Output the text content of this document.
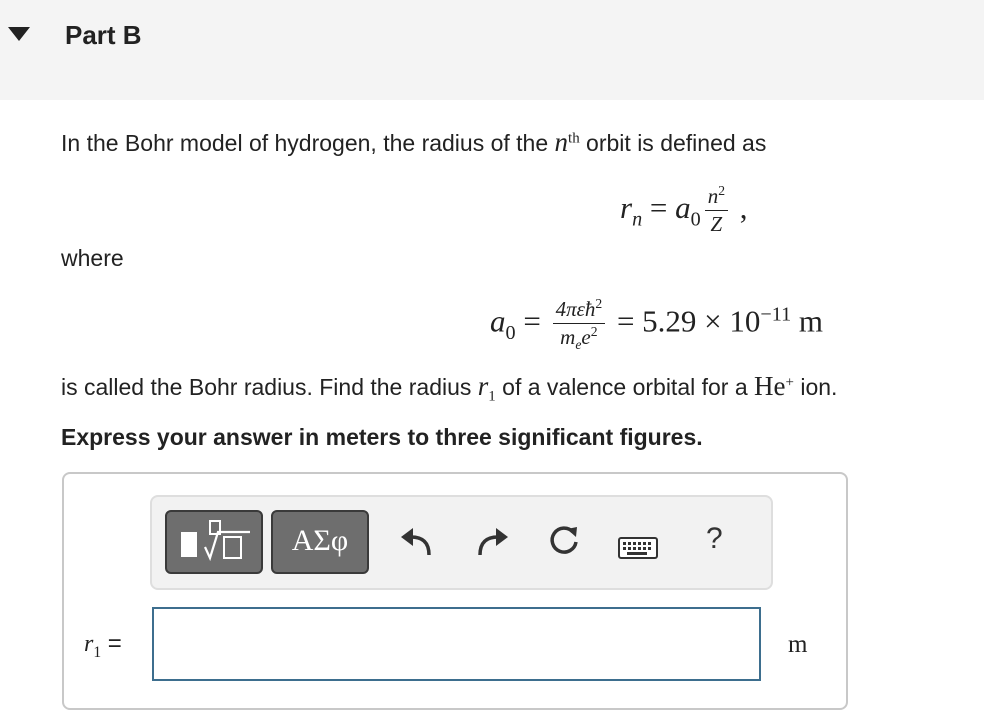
Part B
In the Bohr model of hydrogen, the radius of the $n^{th}$ orbit is defined as
$r_n = a_0 \frac{n^2}{Z}$ ,
where
$a_0 = \frac{4\pi\varepsilon ħ^2}{m_ee^2} = 5.29 \times 10^{-11}$ m
is called the Bohr radius. Find the radius $r_1$ of a valence orbital for a He+ ion.
Express your answer in meters to three significant figures.
ΑΣφ	?
$r_1$ =	m
